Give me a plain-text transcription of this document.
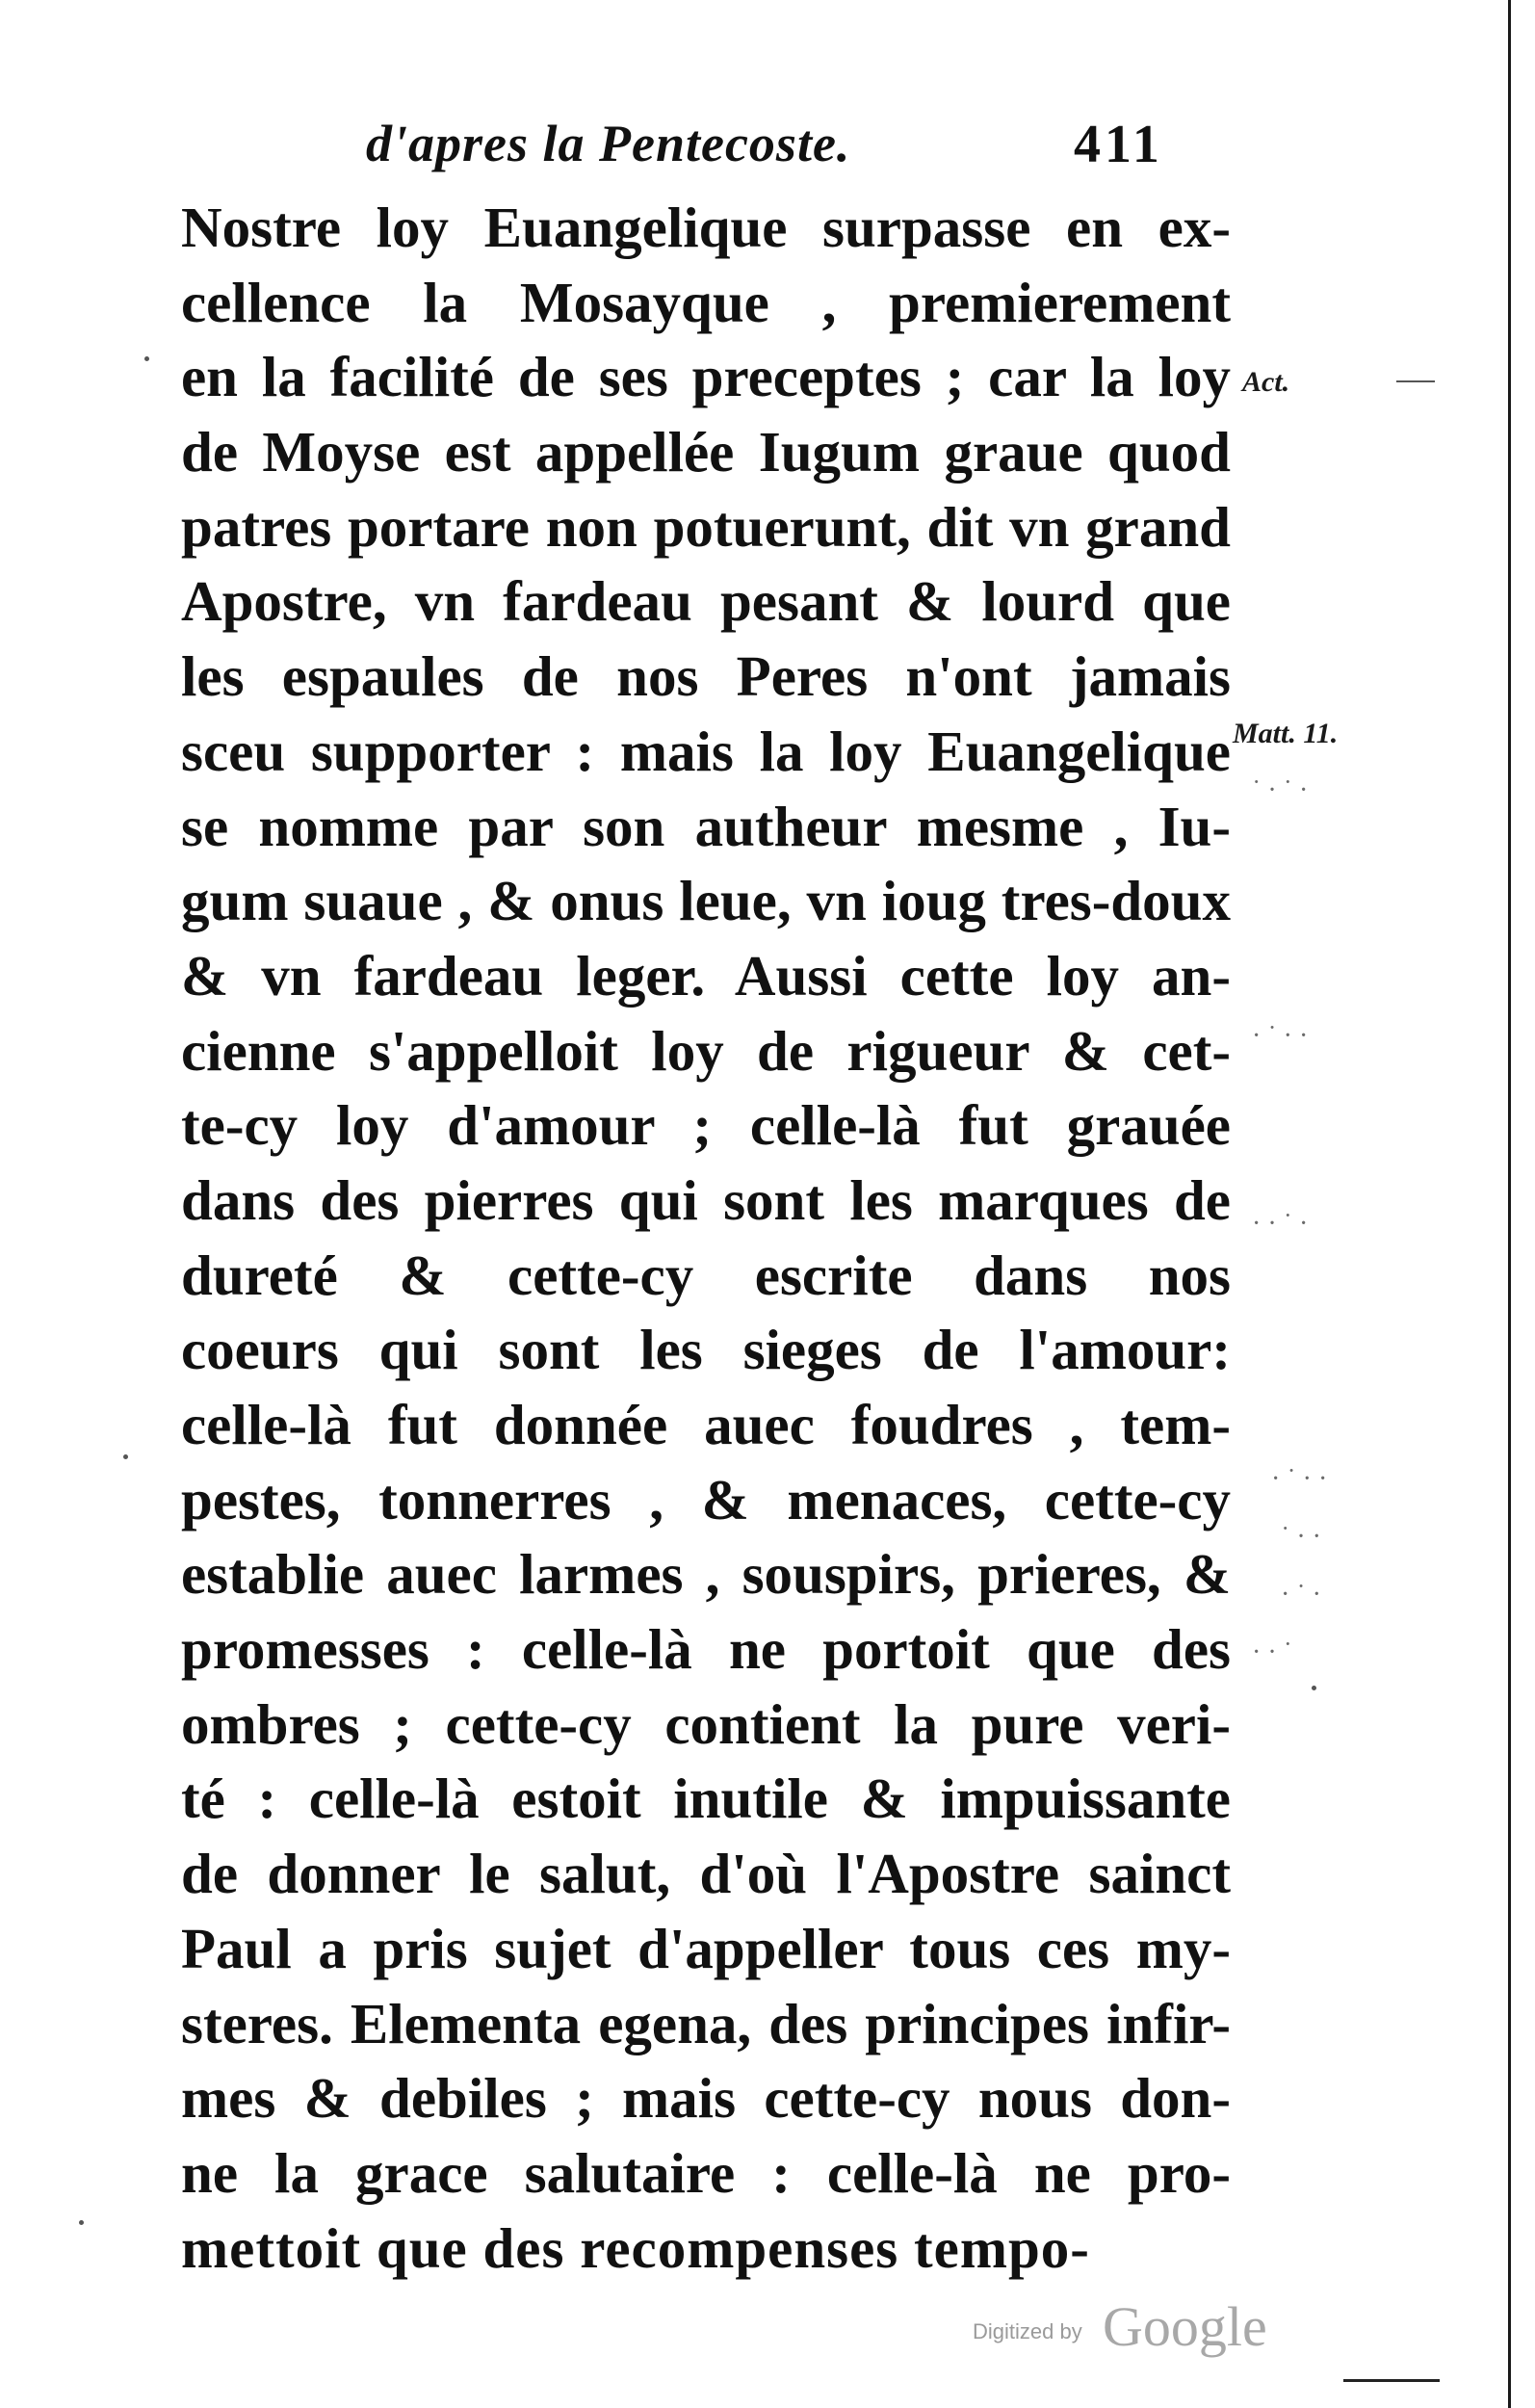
d'apres la Pentecoste.	411
Nostre loy Euangelique surpasse en ex-
cellence la Mosayque , premierement
en la facilité de ses preceptes ; car la loy
de Moyse est appellée Iugum graue quod
patres portare non potuerunt, dit vn grand
Apostre, vn fardeau pesant & lourd que
les espaules de nos Peres n'ont jamais
sceu supporter : mais la loy Euangelique
se nomme par son autheur mesme , Iu-
gum suaue , & onus leue, vn ioug tres-doux
& vn fardeau leger. Aussi cette loy an-
cienne s'appelloit loy de rigueur & cet-
te-cy loy d'amour ; celle-là fut grauée
dans des pierres qui sont les marques de
dureté & cette-cy escrite dans nos
coeurs qui sont les sieges de l'amour:
celle-là fut donnée auec foudres , tem-
pestes, tonnerres , & menaces, cette-cy
establie auec larmes , souspirs, prieres, &
promesses : celle-là ne portoit que des
ombres ; cette-cy contient la pure veri-
té : celle-là estoit inutile & impuissante
de donner le salut, d'où l'Apostre sainct
Paul a pris sujet d'appeller tous ces my-
steres. Elementa egena, des principes infir-
mes & debiles ; mais cette-cy nous don-
ne la grace salutaire : celle-là ne pro-
mettoit que des recompenses tempo-
Act.
Matt. 11.
˙ · ˙ ·
· ˙ · ·
· · ˙ ·
· ˙ · ·
˙ · ·
· ˙ ·
· · ˙
Digitized by Google
